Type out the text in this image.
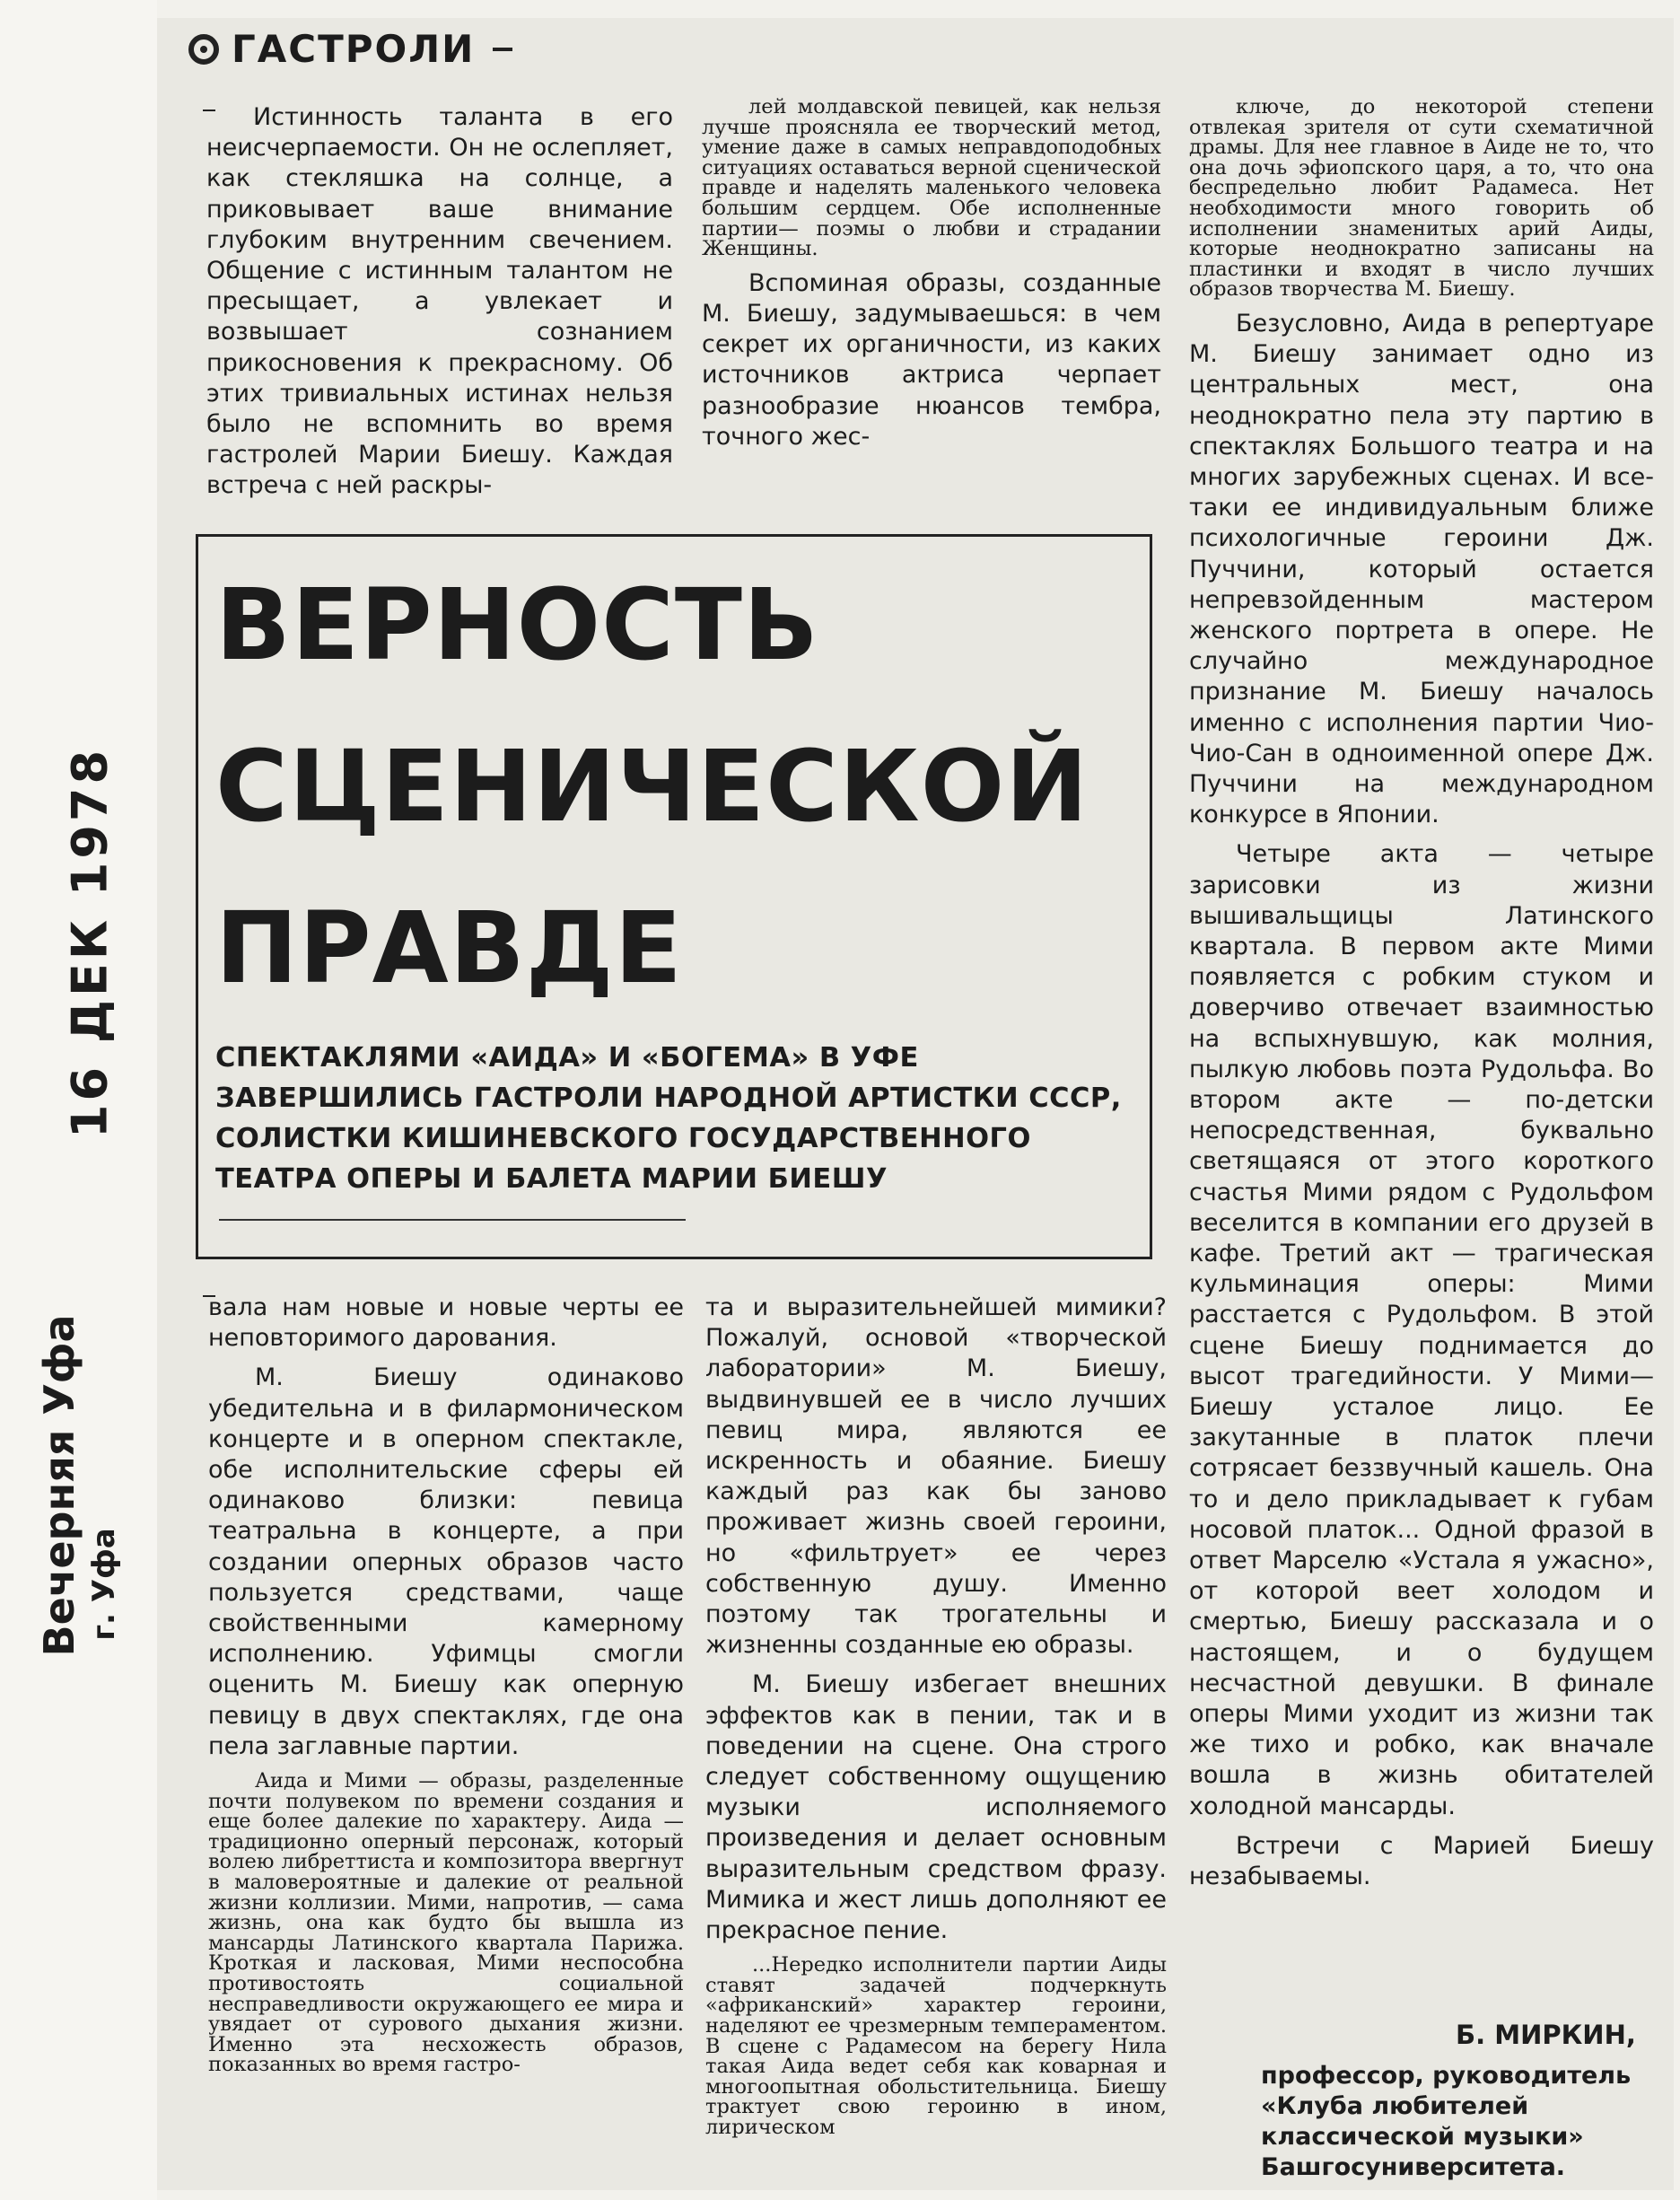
16 ДЕК 1978
Вечерняя Уфа г. Уфа
ГАСТРОЛИ

Истинность таланта в его неисчерпаемости. Он не ослепляет, как стекляшка на солнце, а приковывает ваше внимание глубоким внутренним свечением. Общение с истинным талантом не пресыщает, а увлекает и возвышает сознанием прикосновения к прекрасному. Об этих тривиальных истинах нельзя было не вспомнить во время гастролей Марии Биешу. Каждая встреча с ней раскры-

лей молдавской певицей, как нельзя лучше проясняла ее творческий метод, умение даже в самых неправдоподобных ситуациях оставаться верной сценической правде и наделять маленького человека большим сердцем. Обе исполненные партии— поэмы о любви и страдании Женщины.

Вспоминая образы, созданные М. Биешу, задумываешься: в чем секрет их органичности, из каких источников актриса черпает разнообразие нюансов тембра, точного жес-

ВЕРНОСТЬ
СЦЕНИЧЕСКОЙ
ПРАВДЕ
СПЕКТАКЛЯМИ «АИДА» И «БОГЕМА» В УФЕ ЗАВЕРШИЛИСЬ ГАСТРОЛИ НАРОДНОЙ АРТИСТКИ СССР, СОЛИСТКИ КИШИНЕВСКОГО ГОСУДАРСТВЕННОГО ТЕАТРА ОПЕРЫ И БАЛЕТА МАРИИ БИЕШУ

ключе, до некоторой степени отвлекая зрителя от сути схематичной драмы. Для нее главное в Аиде не то, что она дочь эфиопского царя, а то, что она беспредельно любит Радамеса. Нет необходимости много говорить об исполнении знаменитых арий Аиды, которые неоднократно записаны на пластинки и входят в число лучших образов творчества М. Биешу.

Безусловно, Аида в репертуаре М. Биешу занимает одно из центральных мест, она неоднократно пела эту партию в спектаклях Большого театра и на многих зарубежных сценах. И все-таки ее индивидуальным ближе психологичные героини Дж. Пуччини, который остается непревзойденным мастером женского портрета в опере. Не случайно международное признание М. Биешу началось именно с исполнения партии Чио-Чио-Сан в одноименной опере Дж. Пуччини на международном конкурсе в Японии.

Четыре акта — четыре зарисовки из жизни вышивальщицы Латинского квартала. В первом акте Мими появляется с робким стуком и доверчиво отвечает взаимностью на вспыхнувшую, как молния, пылкую любовь поэта Рудольфа. Во втором акте — по-детски непосредственная, буквально светящаяся от этого короткого счастья Мими рядом с Рудольфом веселится в компании его друзей в кафе. Третий акт — трагическая кульминация оперы: Мими расстается с Рудольфом. В этой сцене Биешу поднимается до высот трагедийности. У Мими—Биешу усталое лицо. Ее закутанные в платок плечи сотрясает беззвучный кашель. Она то и дело прикладывает к губам носовой платок... Одной фразой в ответ Марселю «Устала я ужасно», от которой веет холодом и смертью, Биешу рассказала и о настоящем, и о будущем несчастной девушки. В финале оперы Мими уходит из жизни так же тихо и робко, как вначале вошла в жизнь обитателей холодной мансарды.

Встречи с Марией Биешу незабываемы.

вала нам новые и новые черты ее неповторимого дарования.

М. Биешу одинаково убедительна и в филармоническом концерте и в оперном спектакле, обе исполнительские сферы ей одинаково близки: певица театральна в концерте, а при создании оперных образов часто пользуется средствами, чаще свойственными камерному исполнению. Уфимцы смогли оценить М. Биешу как оперную певицу в двух спектаклях, где она пела заглавные партии.

Аида и Мими — образы, разделенные почти полувеком по времени создания и еще более далекие по характеру. Аида — традиционно оперный персонаж, который волею либреттиста и композитора ввергнут в маловероятные и далекие от реальной жизни коллизии. Мими, напротив, — сама жизнь, она как будто бы вышла из мансарды Латинского квартала Парижа. Кроткая и ласковая, Мими неспособна противостоять социальной несправедливости окружающего ее мира и увядает от сурового дыхания жизни. Именно эта несхожесть образов, показанных во время гастро-

та и выразительнейшей мимики? Пожалуй, основой «творческой лаборатории» М. Биешу, выдвинувшей ее в число лучших певиц мира, являются ее искренность и обаяние. Биешу каждый раз как бы заново проживает жизнь своей героини, но «фильтрует» ее через собственную душу. Именно поэтому так трогательны и жизненны созданные ею образы.

М. Биешу избегает внешних эффектов как в пении, так и в поведении на сцене. Она строго следует собственному ощущению музыки исполняемого произведения и делает основным выразительным средством фразу. Мимика и жест лишь дополняют ее прекрасное пение.

...Нередко исполнители партии Аиды ставят задачей подчеркнуть «африканский» характер героини, наделяют ее чрезмерным темпераментом. В сцене с Радамесом на берегу Нила такая Аида ведет себя как коварная и многоопытная обольстительница. Биешу трактует свою героиню в ином, лирическом

Б. МИРКИН,
профессор, руководитель «Клуба любителей классической музыки» Башгосуниверситета.
